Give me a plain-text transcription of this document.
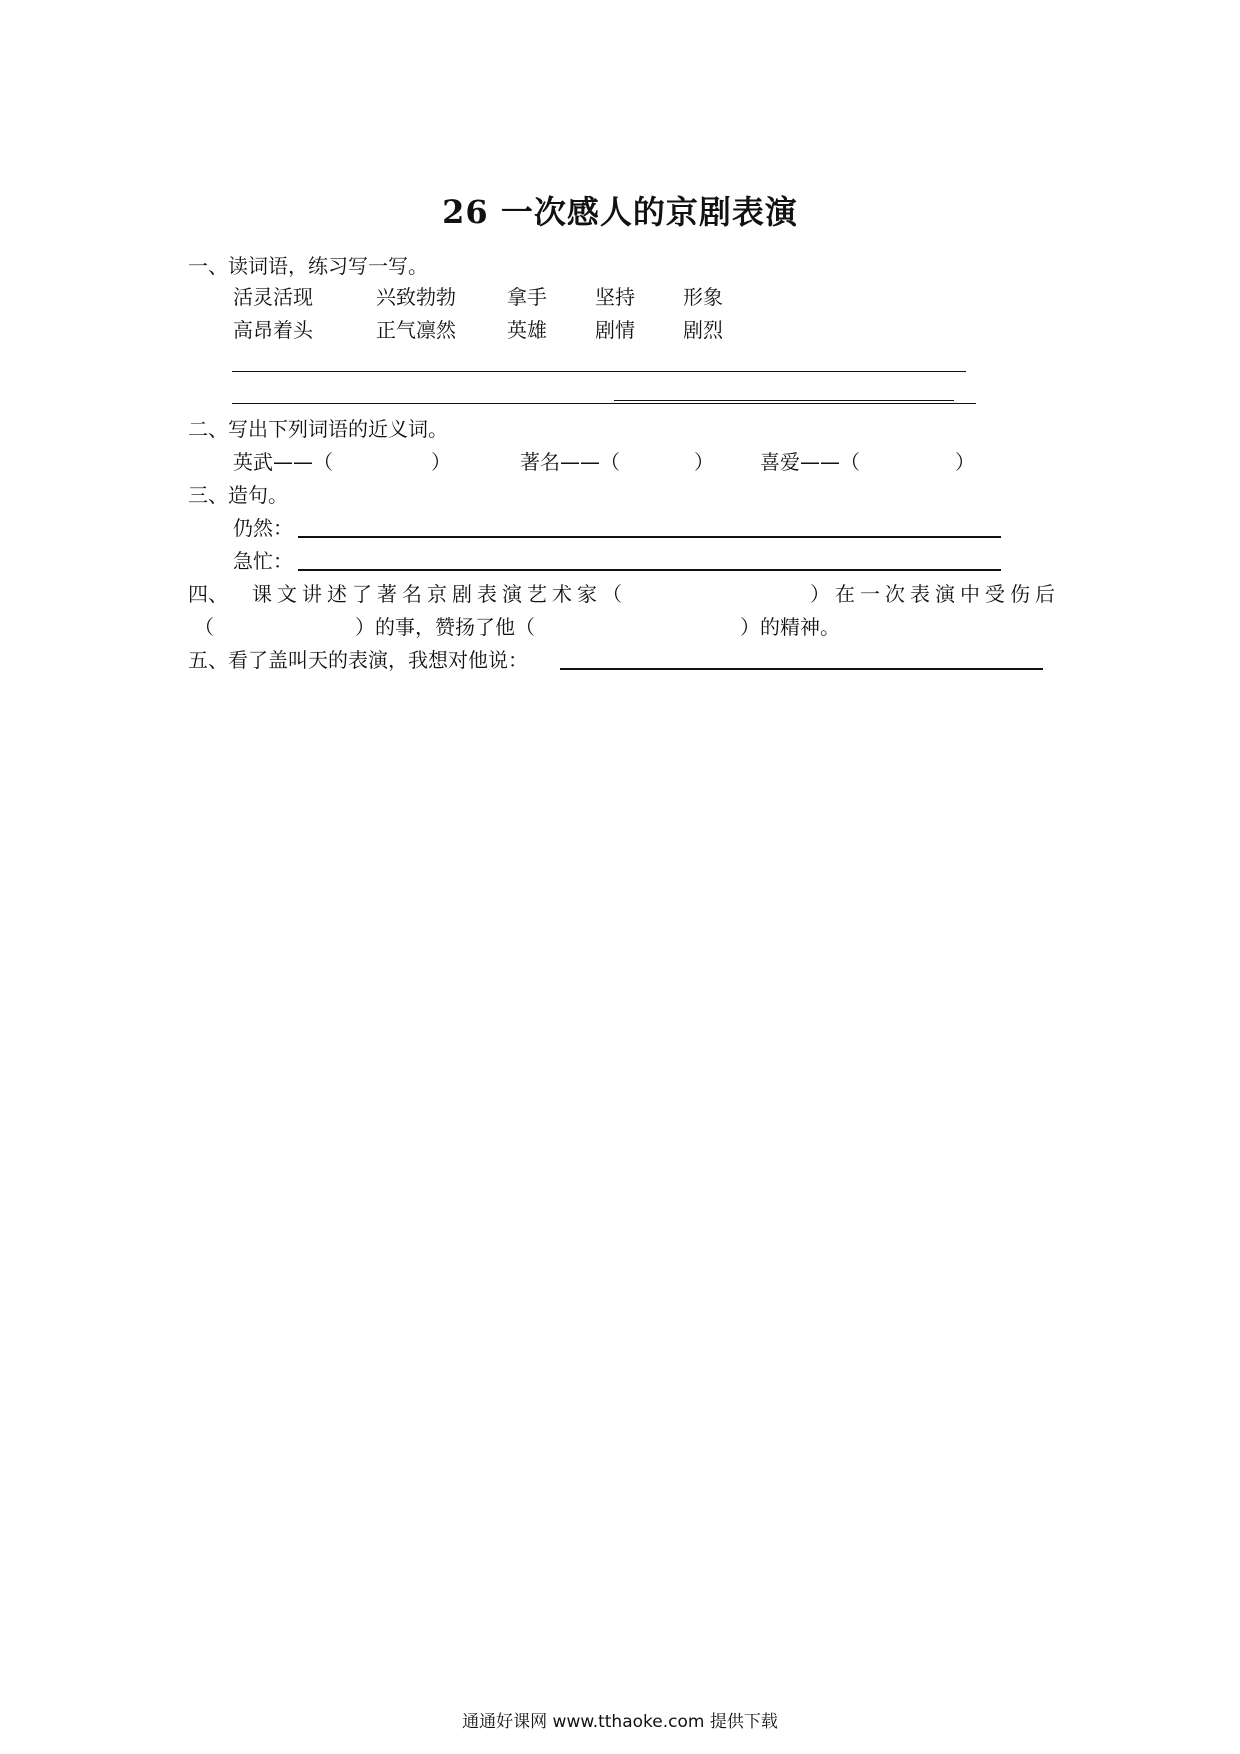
26 一次感人的京剧表演
一、读词语，练习写一写。
活灵活现	兴致勃勃	拿手 坚持 形象
高昂着头	正气凛然	英雄 剧情 剧烈
二、写出下列词语的近义词。
英武——（	）	著名——（	） 喜爱——（	）
三、造句。
仍然：
急忙：
四、 课文讲述了著名京剧表演艺术家（	）在一次表演中受伤后
（	）的事，赞扬了他（	）的精神。
五、看了盖叫天的表演，我想对他说：
通通好课网 www.tthaoke.com 提供下载
